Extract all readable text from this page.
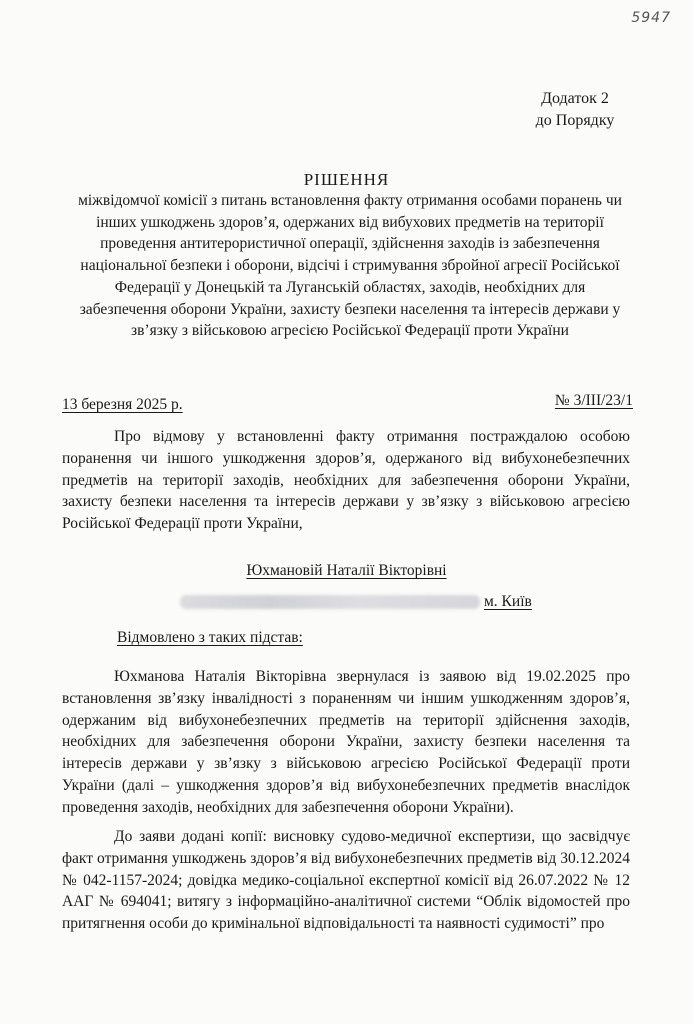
5947
Додаток 2
до Порядку
РІШЕННЯ
міжвідомчої комісії з питань встановлення факту отримання особами поранень чи інших ушкоджень здоров’я, одержаних від вибухових предметів на території проведення антитерористичної операції, здійснення заходів із забезпечення національної безпеки і оборони, відсічі і стримування збройної агресії Російської Федерації у Донецькій та Луганській областях, заходів, необхідних для забезпечення оборони України, захисту безпеки населення та інтересів держави у зв’язку з військовою агресією Російської Федерації проти України
13 березня 2025 р.	№ 3/III/23/1
Про відмову у встановленні факту отримання постраждалою особою поранення чи іншого ушкодження здоров’я, одержаного від вибухонебезпечних предметів на території заходів, необхідних для забезпечення оборони України, захисту безпеки населення та інтересів держави у зв’язку з військовою агресією Російської Федерації проти України,
Юхмановій Наталії Вікторівні
м. Київ
Відмовлено з таких підстав:
Юхманова Наталія Вікторівна звернулася із заявою від 19.02.2025 про встановлення зв’язку інвалідності з пораненням чи іншим ушкодженням здоров’я, одержаним від вибухонебезпечних предметів на території здійснення заходів, необхідних для забезпечення оборони України, захисту безпеки населення та інтересів держави у зв’язку з військовою агресією Російської Федерації проти України (далі – ушкодження здоров’я від вибухонебезпечних предметів внаслідок проведення заходів, необхідних для забезпечення оборони України).
До заяви додані копії: висновку судово-медичної експертизи, що засвідчує факт отримання ушкоджень здоров’я від вибухонебезпечних предметів від 30.12.2024 № 042-1157-2024; довідка медико-соціальної експертної комісії від 26.07.2022 № 12 ААГ № 694041; витягу з інформаційно-аналітичної системи “Облік відомостей про притягнення особи до кримінальної відповідальності та наявності судимості” про
